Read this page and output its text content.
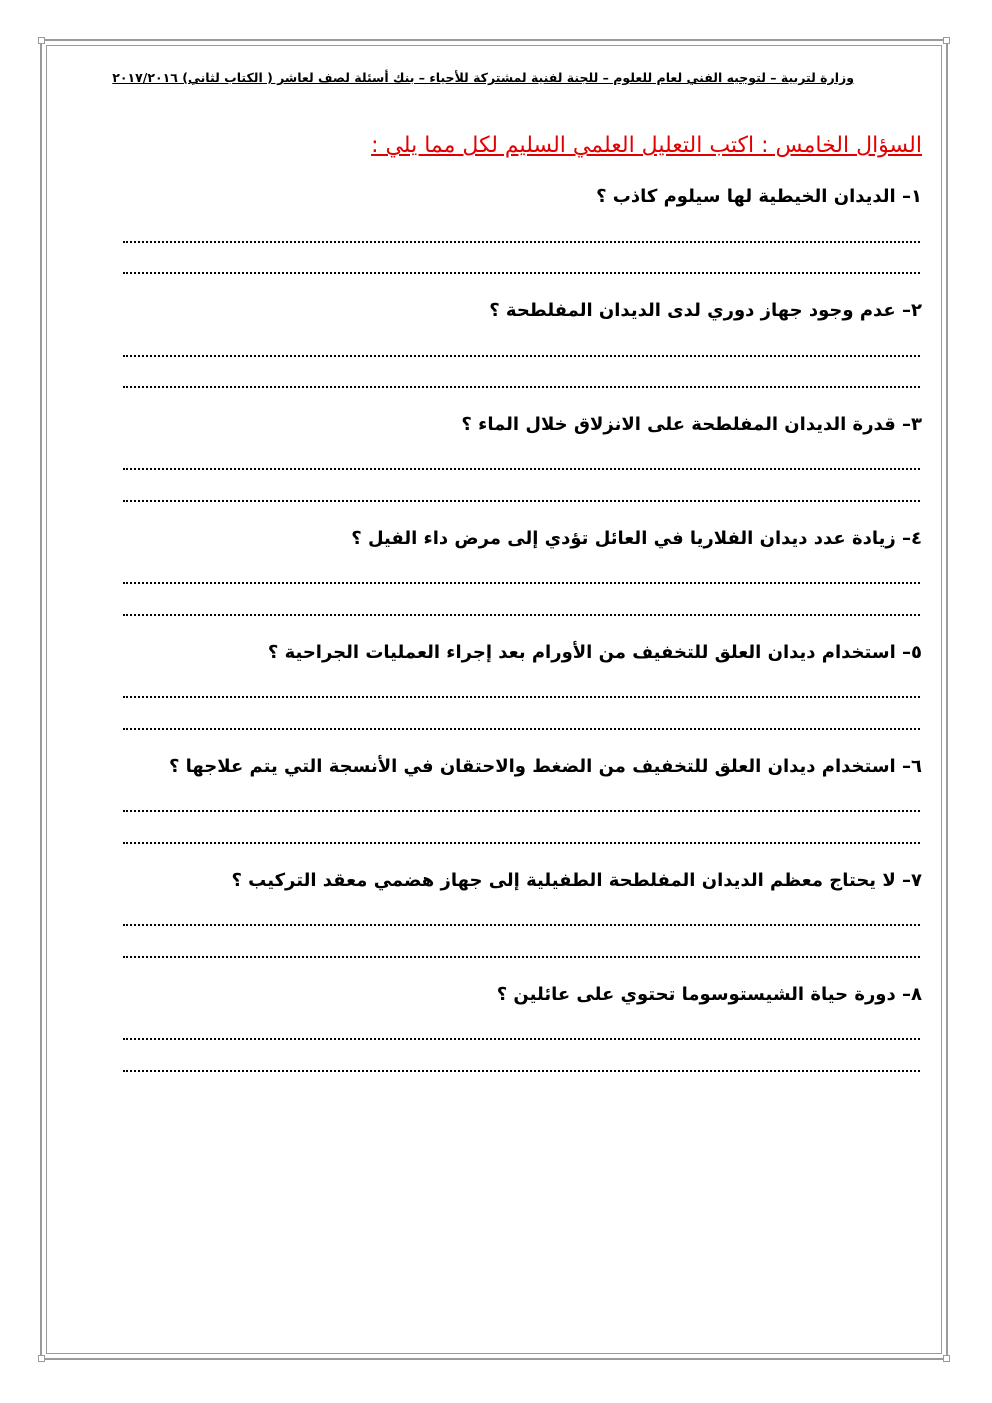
وزارة لتربية – لتوجيه الفني لعام للعلوم – للجنة لفنية لمشتركة للأحياء – بنك أسئلة لصف لعاشر ( الكتاب لثاني) ٢٠١٧/٢٠١٦
السؤال الخامس : اكتب التعليل العلمي السليم لكل مما يلي :
١– الديدان الخيطية لها سيلوم كاذب ؟
٢– عدم وجود جهاز دوري لدى الديدان المفلطحة ؟
٣– قدرة الديدان المفلطحة على الانزلاق خلال الماء ؟
٤– زيادة عدد ديدان الفلاريا في العائل تؤدي إلى مرض داء الفيل ؟
٥– استخدام ديدان العلق للتخفيف من الأورام بعد إجراء العمليات الجراحية ؟
٦– استخدام ديدان العلق للتخفيف من الضغط والاحتقان في الأنسجة التي يتم علاجها ؟
٧– لا يحتاج معظم الديدان المفلطحة الطفيلية إلى جهاز هضمي معقد التركيب ؟
٨– دورة حياة الشيستوسوما تحتوي على عائلين ؟
